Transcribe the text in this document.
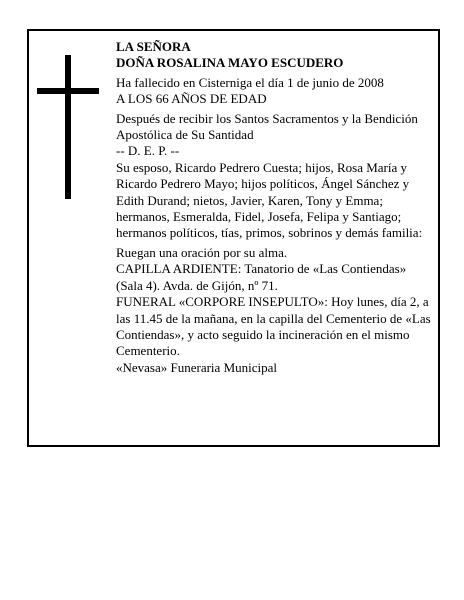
LA SEÑORA

DOÑA ROSALINA MAYO ESCUDERO

Ha fallecido en Cisterniga el día 1 de junio de 2008

A LOS 66 AÑOS DE EDAD

Después de recibir los Santos Sacramentos y la Bendición Apostólica de Su Santidad

-- D. E. P. --

Su esposo, Ricardo Pedrero Cuesta; hijos, Rosa María y Ricardo Pedrero Mayo; hijos políticos, Ángel Sánchez y Edith Durand; nietos, Javier, Karen, Tony y Emma; hermanos, Esmeralda, Fidel, Josefa, Felipa y Santiago; hermanos políticos, tías, primos, sobrinos y demás familia:

Ruegan una oración por su alma.

CAPILLA ARDIENTE: Tanatorio de «Las Contiendas» (Sala 4). Avda. de Gijón, nº 71.

FUNERAL «CORPORE INSEPULTO»: Hoy lunes, día 2, a las 11.45 de la mañana, en la capilla del Cementerio de «Las Contiendas», y acto seguido la incineración en el mismo Cementerio.

«Nevasa» Funeraria Municipal
